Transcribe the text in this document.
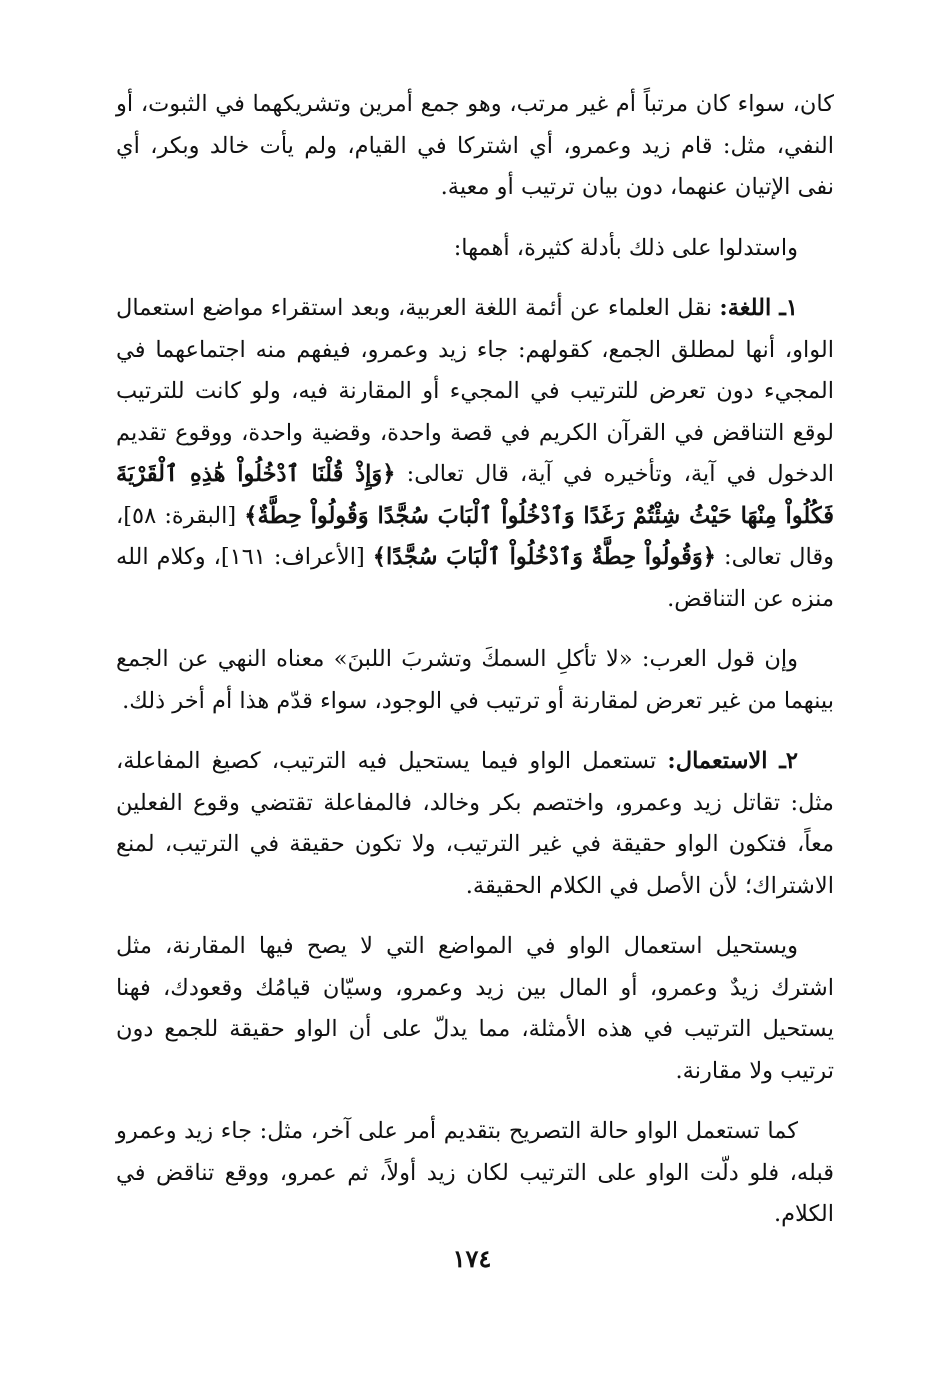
كان، سواء كان مرتباً أم غير مرتب، وهو جمع أمرين وتشريكهما في الثبوت، أو النفي، مثل: قام زيد وعمرو، أي اشتركا في القيام، ولم يأت خالد وبكر، أي نفى الإتيان عنهما، دون بيان ترتيب أو معية.

واستدلوا على ذلك بأدلة كثيرة، أهمها:

١ـ اللغة: نقل العلماء عن أئمة اللغة العربية، وبعد استقراء مواضع استعمال الواو، أنها لمطلق الجمع، كقولهم: جاء زيد وعمرو، فيفهم منه اجتماعهما في المجيء دون تعرض للترتيب في المجيء أو المقارنة فيه، ولو كانت للترتيب لوقع التناقض في القرآن الكريم في قصة واحدة، وقضية واحدة، ووقوع تقديم الدخول في آية، وتأخيره في آية، قال تعالى: ﴿وَإِذْ قُلْنَا ٱدْخُلُواْ هَٰذِهِ ٱلْقَرْيَةَ فَكُلُواْ مِنْهَا حَيْثُ شِئْتُمْ رَغَدًا وَٱدْخُلُواْ ٱلْبَابَ سُجَّدًا وَقُولُواْ حِطَّةٌ﴾ [البقرة: ٥٨]، وقال تعالى: ﴿وَقُولُواْ حِطَّةٌ وَٱدْخُلُواْ ٱلْبَابَ سُجَّدًا﴾ [الأعراف: ١٦١]، وكلام الله منزه عن التناقض.

وإن قول العرب: «لا تأكلِ السمكَ وتشربَ اللبنَ» معناه النهي عن الجمع بينهما من غير تعرض لمقارنة أو ترتيب في الوجود، سواء قدّم هذا أم أخر ذلك.

٢ـ الاستعمال: تستعمل الواو فيما يستحيل فيه الترتيب، كصيغ المفاعلة، مثل: تقاتل زيد وعمرو، واختصم بكر وخالد، فالمفاعلة تقتضي وقوع الفعلين معاً، فتكون الواو حقيقة في غير الترتيب، ولا تكون حقيقة في الترتيب، لمنع الاشتراك؛ لأن الأصل في الكلام الحقيقة.

ويستحيل استعمال الواو في المواضع التي لا يصح فيها المقارنة، مثل اشترك زيدٌ وعمرو، أو المال بين زيد وعمرو، وسيّان قيامُك وقعودك، فهنا يستحيل الترتيب في هذه الأمثلة، مما يدلّ على أن الواو حقيقة للجمع دون ترتيب ولا مقارنة.

كما تستعمل الواو حالة التصريح بتقديم أمر على آخر، مثل: جاء زيد وعمرو قبله، فلو دلّت الواو على الترتيب لكان زيد أولاً، ثم عمرو، ووقع تناقض في الكلام.

١٧٤
